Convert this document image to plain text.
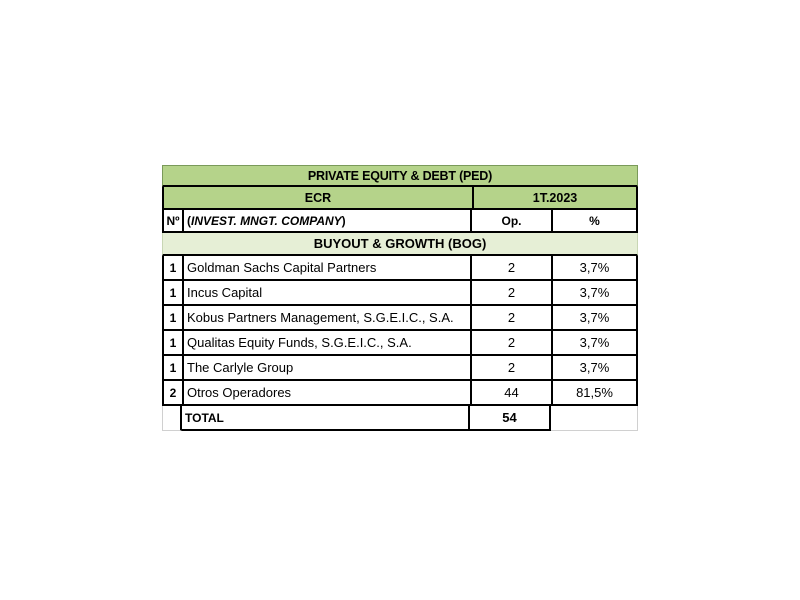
PRIVATE EQUITY & DEBT (PED)
ECR	1T.2023
Nº ( INVEST. MNGT. COMPANY )	Op.	%
BUYOUT & GROWTH (BOG)
1 Goldman Sachs Capital Partners	2	3,7%
1 Incus Capital	2	3,7%
1 Kobus Partners Management, S.G.E.I.C., S.A.	2	3,7%
1 Qualitas Equity Funds, S.G.E.I.C., S.A.	2	3,7%
1 The Carlyle Group	2	3,7%
2 Otros Operadores	44	81,5%
TOTAL	54
